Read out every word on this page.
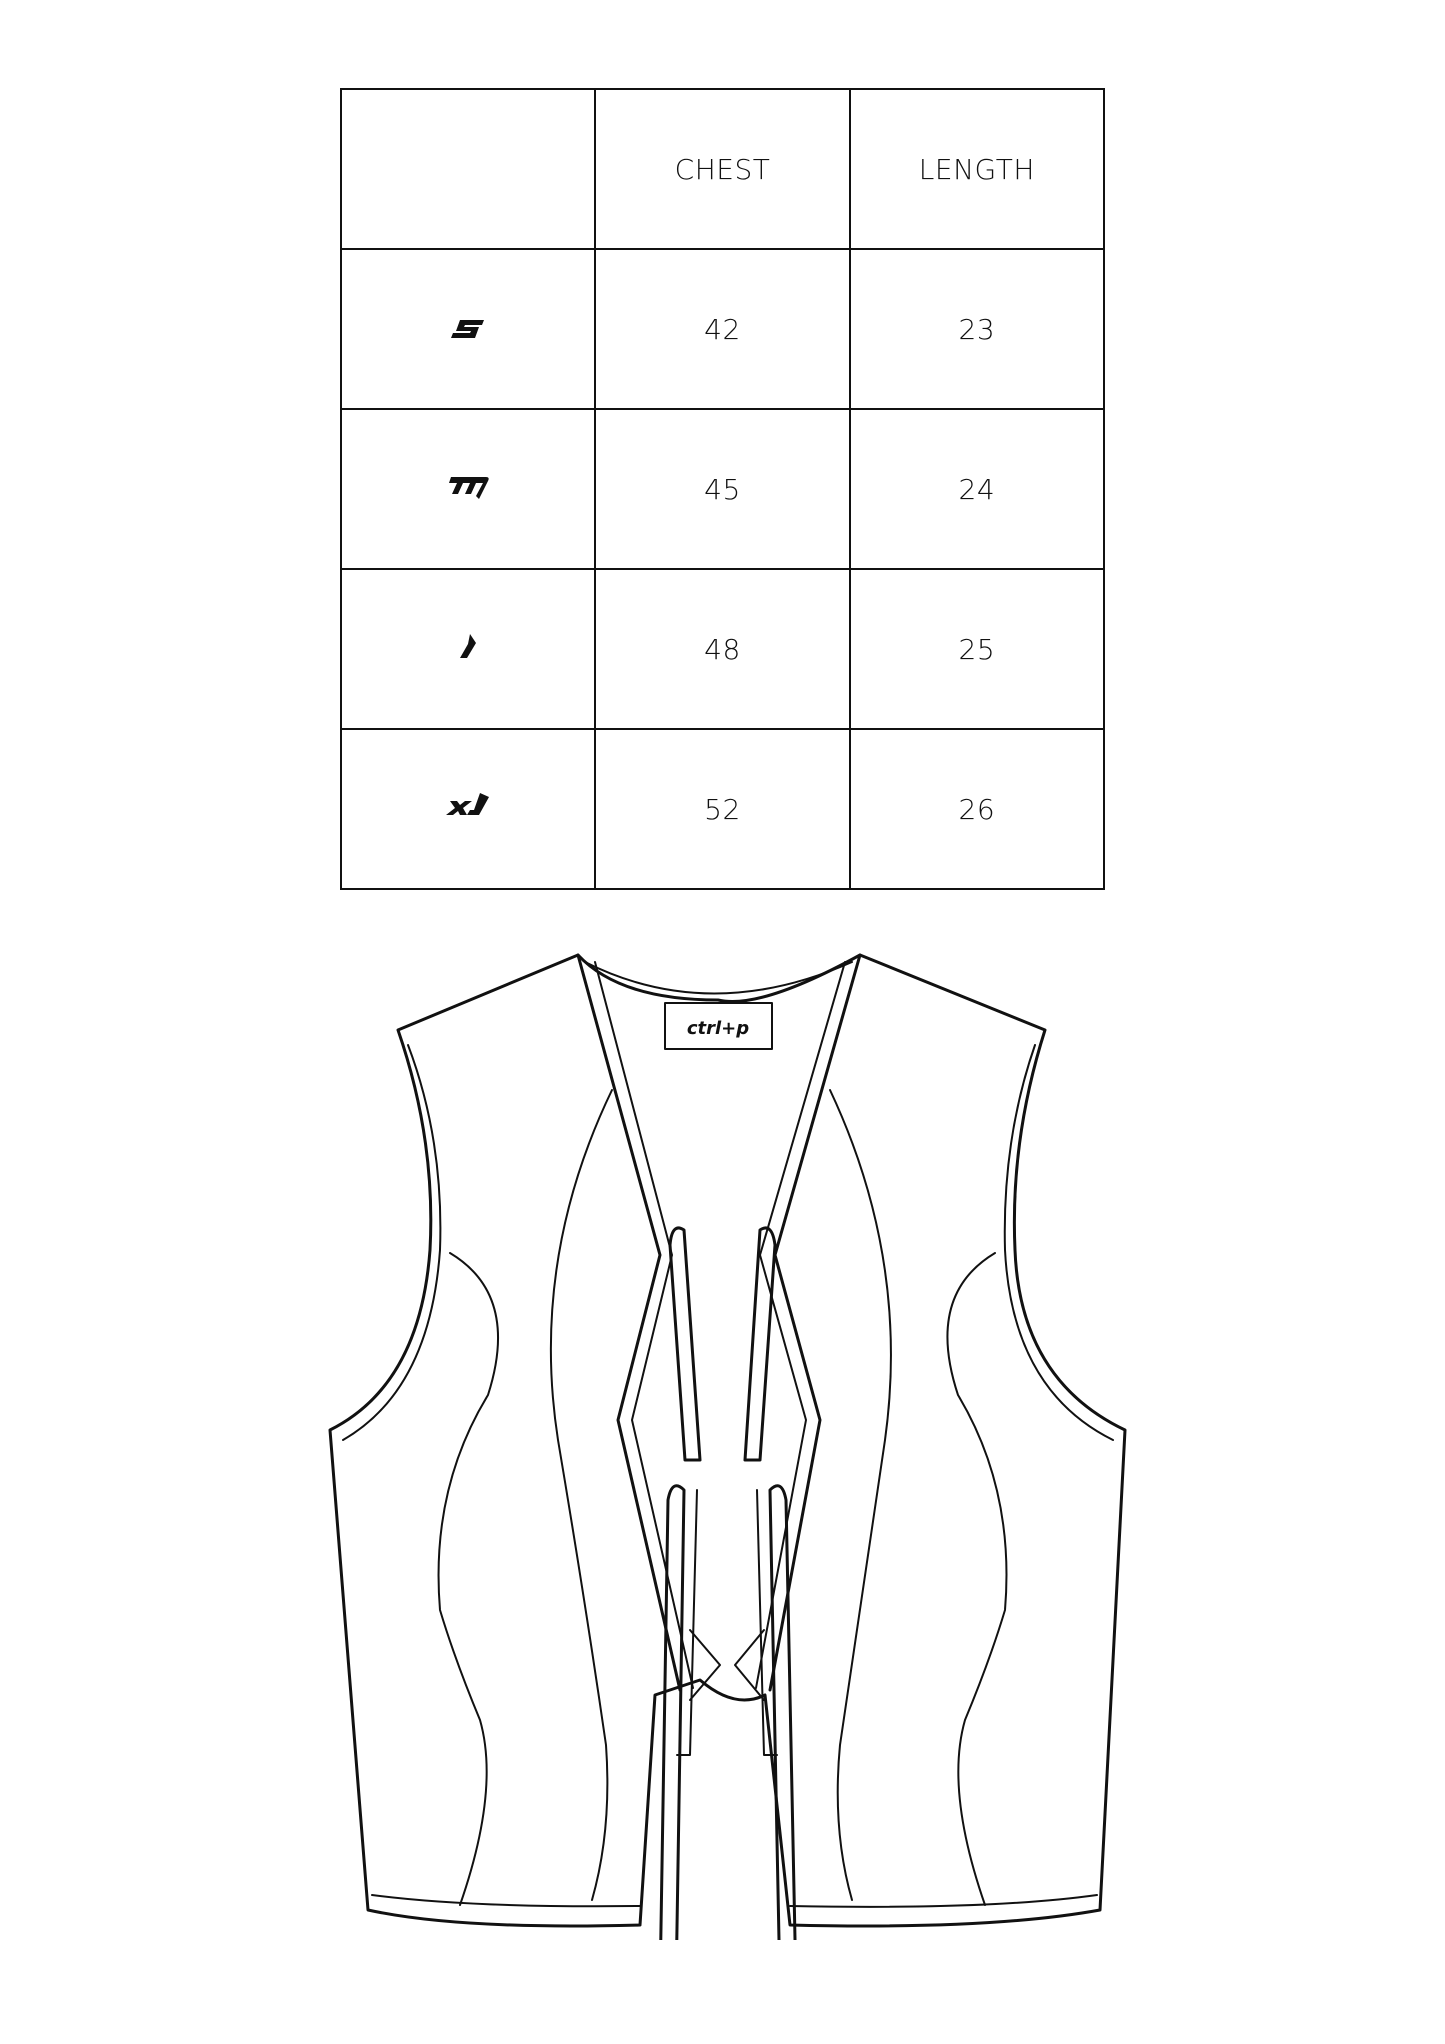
	CHEST	LENGTH

	42	23

	45	24

	48	25

	52	26
ctrl+p
